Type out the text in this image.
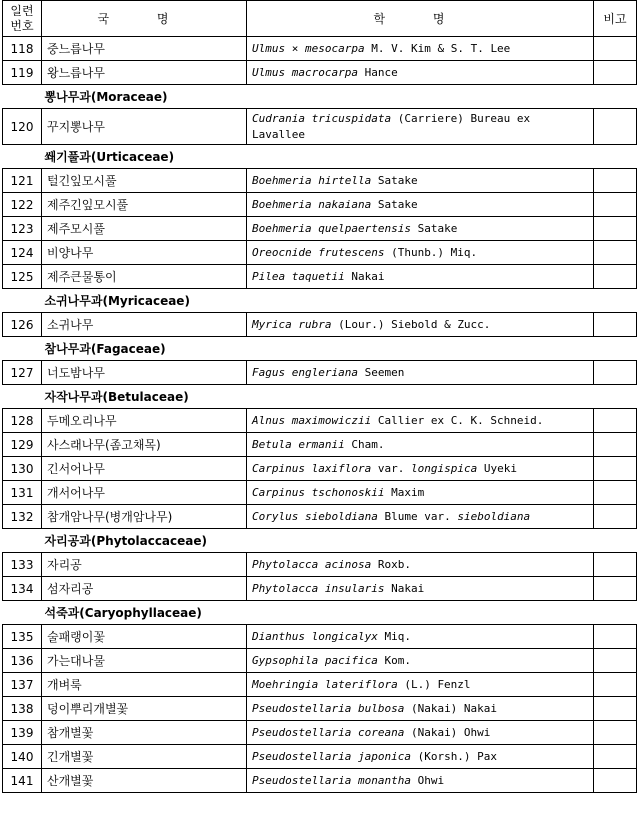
일련
번호	국 명	학 명	비고
118	중느릅나무	Ulmus × mesocarpa M. V. Kim & S. T. Lee	
119	왕느릅나무	Ulmus macrocarpa Hance	
뽕나무과(Moraceae)			
120	꾸지뽕나무	Cudrania tricuspidata (Carriere) Bureau ex Lavallee	
쐐기풀과(Urticaceae)			
121	털긴잎모시풀	Boehmeria hirtella Satake	
122	제주긴잎모시풀	Boehmeria nakaiana Satake	
123	제주모시풀	Boehmeria quelpaertensis Satake	
124	비양나무	Oreocnide frutescens (Thunb.) Miq.	
125	제주큰물통이	Pilea taquetii Nakai	
소귀나무과(Myricaceae)			
126	소귀나무	Myrica rubra (Lour.) Siebold & Zucc.	
참나무과(Fagaceae)			
127	너도밤나무	Fagus engleriana Seemen	
자작나무과(Betulaceae)			
128	두메오리나무	Alnus maximowiczii Callier ex C. K. Schneid.	
129	사스래나무(좀고채목)	Betula ermanii Cham.	
130	긴서어나무	Carpinus laxiflora var. longispica Uyeki	
131	개서어나무	Carpinus tschonoskii Maxim	
132	참개암나무(병개암나무)	Corylus sieboldiana Blume var. sieboldiana	
자리공과(Phytolaccaceae)			
133	자리공	Phytolacca acinosa Roxb.	
134	섬자리공	Phytolacca insularis Nakai	
석죽과(Caryophyllaceae)			
135	술패랭이꽃	Dianthus longicalyx Miq.	
136	가는대나물	Gypsophila pacifica Kom.	
137	개벼룩	Moehringia lateriflora (L.) Fenzl	
138	덩이뿌리개별꽃	Pseudostellaria bulbosa (Nakai) Nakai	
139	참개별꽃	Pseudostellaria coreana (Nakai) Ohwi	
140	긴개별꽃	Pseudostellaria japonica (Korsh.) Pax	
141	산개별꽃	Pseudostellaria monantha Ohwi	
